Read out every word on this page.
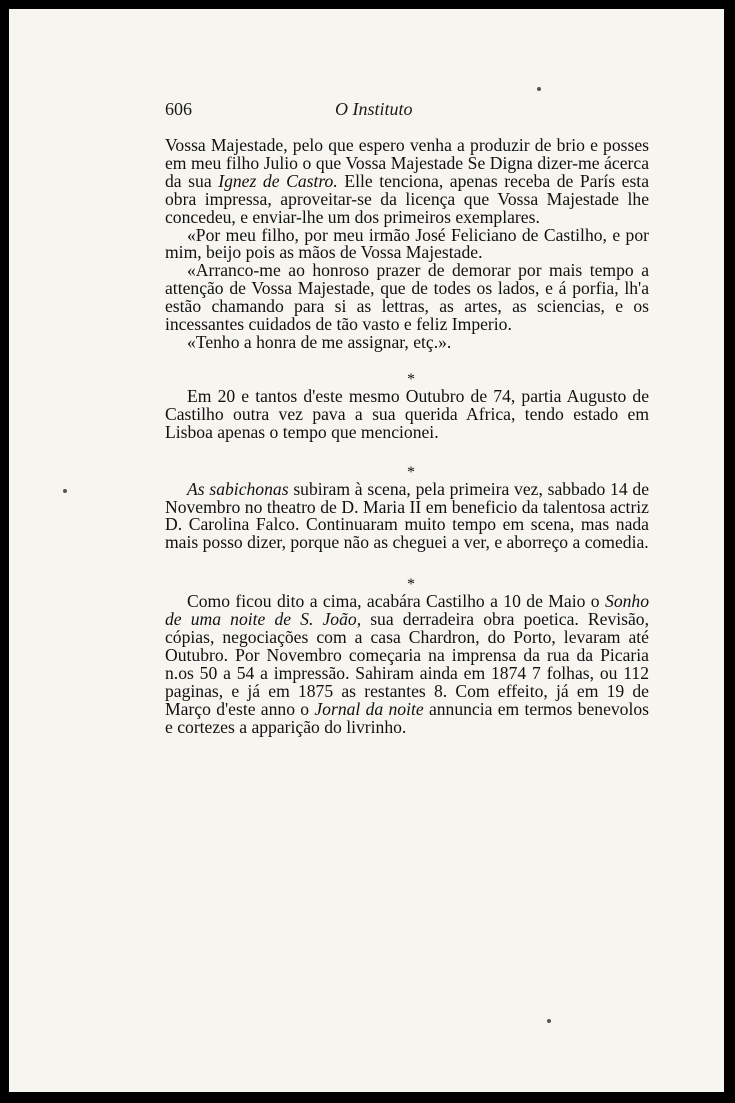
606	O Instituto

Vossa Majestade, pelo que espero venha a produzir de brio e posses em meu filho Julio o que Vossa Majestade Se Digna dizer-me ácerca da sua Ignez de Castro. Elle tenciona, apenas receba de París esta obra impressa, aproveitar-se da licença que Vossa Majestade lhe concedeu, e enviar-lhe um dos primeiros exemplares.

«Por meu filho, por meu irmão José Feliciano de Castilho, e por mim, beijo pois as mãos de Vossa Majestade.

«Arranco-me ao honroso prazer de demorar por mais tempo a attenção de Vossa Majestade, que de todes os lados, e á porfia, lh'a estão chamando para si as lettras, as artes, as sciencias, e os incessantes cuidados de tão vasto e feliz Imperio.

«Tenho a honra de me assignar, etç.».

*

Em 20 e tantos d'este mesmo Outubro de 74, partia Augusto de Castilho outra vez pava a sua querida Africa, tendo estado em Lisboa apenas o tempo que mencionei.

*

As sabichonas subiram à scena, pela primeira vez, sabbado 14 de Novembro no theatro de D. Maria II em beneficio da talentosa actriz D. Carolina Falco. Continuaram muito tempo em scena, mas nada mais posso dizer, porque não as cheguei a ver, e aborreço a comedia.

*

Como ficou dito a cima, acabára Castilho a 10 de Maio o Sonho de uma noite de S. João, sua derradeira obra poetica. Revisão, cópias, negociações com a casa Chardron, do Porto, levaram até Outubro. Por Novembro começaria na imprensa da rua da Picaria n.os 50 a 54 a impressão. Sahiram ainda em 1874 7 folhas, ou 112 paginas, e já em 1875 as restantes 8. Com effeito, já em 19 de Março d'este anno o Jornal da noite annuncia em termos benevolos e cortezes a apparição do livrinho.
